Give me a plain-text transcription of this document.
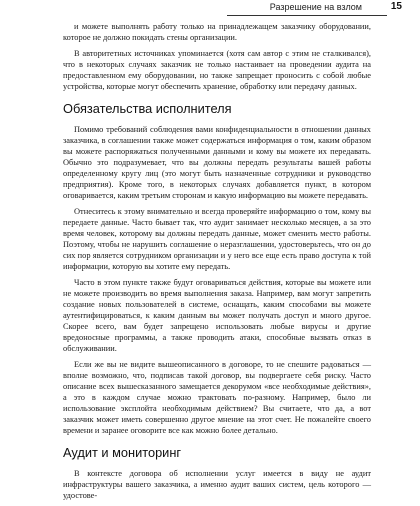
Разрешение на взлом	15

и можете выполнять работу только на принадлежащем заказчику оборудовании, которое не должно покидать стены организации.

В авторитетных источниках упоминается (хотя сам автор с этим не сталкивался), что в некоторых случаях заказчик не только настаивает на проведении аудита на предоставленном ему оборудовании, но также запрещает проносить с собой любые устройства, которые могут обеспечить хранение, обработку или передачу данных.

Обязательства исполнителя

Помимо требований соблюдения вами конфиденциальности в отношении данных заказчика, в соглашении также может содержаться информация о том, каким образом вы можете распоряжаться полученными данными и кому вы можете их передавать. Обычно это подразумевает, что вы должны передать результаты вашей работы определенному кругу лиц (это могут быть назначенные сотрудники и руководство предприятия). Кроме того, в некоторых случаях добавляется пункт, в котором оговаривается, каким третьим сторонам и какую информацию вы можете передавать.

Отнеситесь к этому внимательно и всегда проверяйте информацию о том, кому вы передаете данные. Часто бывает так, что аудит занимает несколько месяцев, а за это время человек, которому вы должны передать данные, может сменить место работы. Поэтому, чтобы не нарушить соглашение о неразглашении, удостоверьтесь, что он до сих пор является сотрудником организации и у него все еще есть право доступа к той информации, которую вы хотите ему передать.

Часто в этом пункте также будут оговариваться действия, которые вы можете или не можете производить во время выполнения заказа. Например, вам могут запретить создание новых пользователей в системе, оснащать, каким способами вы можете аутентифицироваться, к каким данным вы может получать доступ и много другое. Скорее всего, вам будет запрещено использовать любые вирусы и другие вредоносные программы, а также проводить атаки, способные вызвать отказ в обслуживании.

Если же вы не видите вышеописанного в договоре, то не спешите радоваться — вполне возможно, что, подписав такой договор, вы подвергаете себя риску. Часто описание всех вышесказанного замещается декорумом «все необходимые действия», а это в каждом случае можно трактовать по-разному. Например, было ли использование эксплойта необходимым действием? Вы считаете, что да, а вот заказчик может иметь совершенно другое мнение на этот счет. Не пожалейте своего времени и заранее оговорите все как можно более детально.

Аудит и мониторинг

В контексте договора об исполнении услуг имеется в виду не аудит инфраструктуры вашего заказчика, а именно аудит ваших систем, цель которого — удостове-
